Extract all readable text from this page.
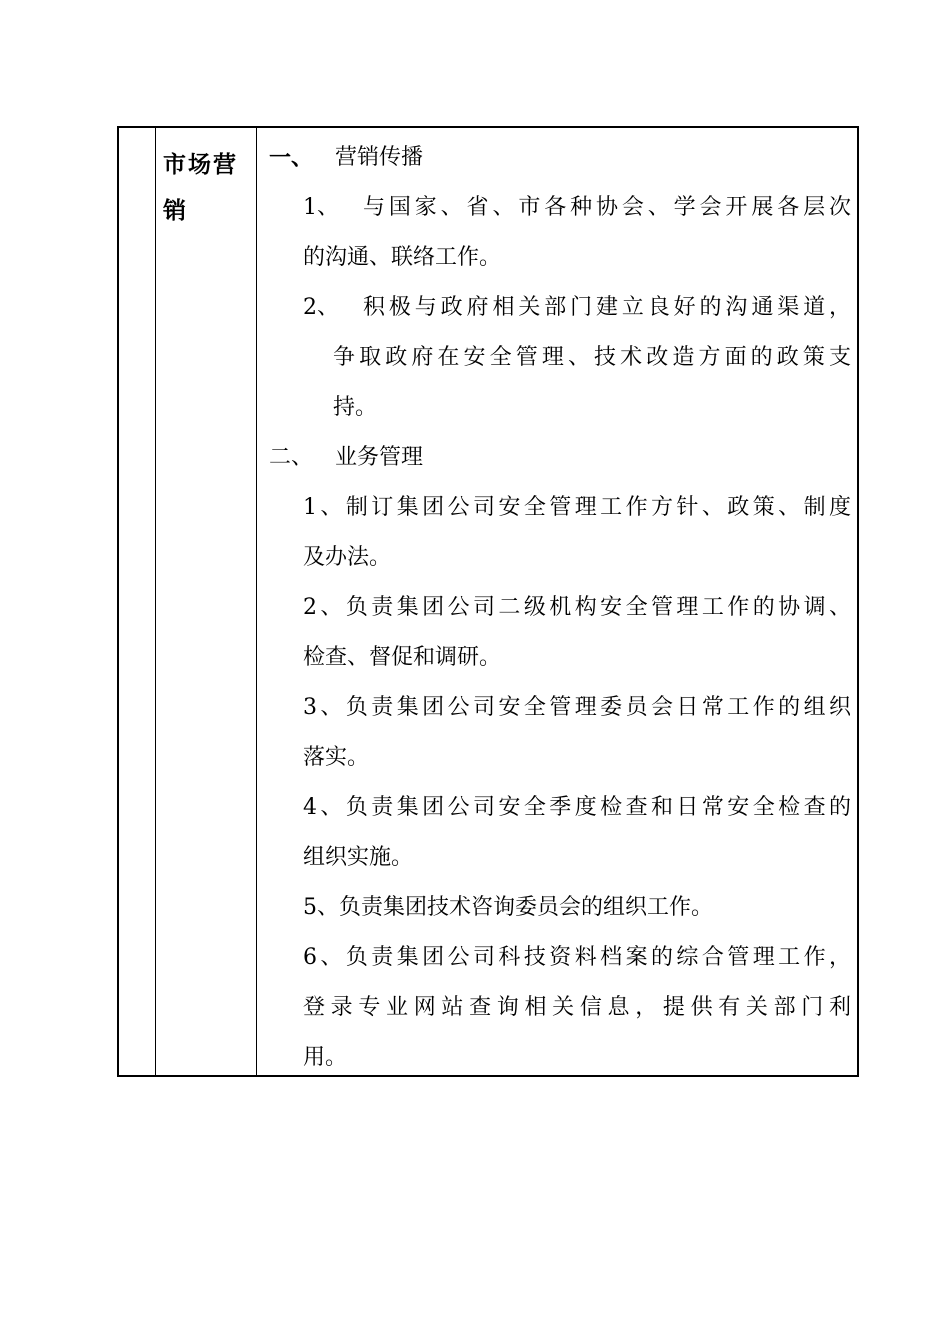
市场营销
一、 营销传播
1、 与国家、省、市各种协会、学会开展各层次
的沟通、联络工作。
2、 积极与政府相关部门建立良好的沟通渠道，
争取政府在安全管理、技术改造方面的政策支
持。
二、 业务管理
1、制订集团公司安全管理工作方针、政策、制度
及办法。
2、负责集团公司二级机构安全管理工作的协调、
检查、督促和调研。
3、负责集团公司安全管理委员会日常工作的组织
落实。
4、负责集团公司安全季度检查和日常安全检查的
组织实施。
5、负责集团技术咨询委员会的组织工作。
6、负责集团公司科技资料档案的综合管理工作，
登录专业网站查询相关信息，提供有关部门利
用。
